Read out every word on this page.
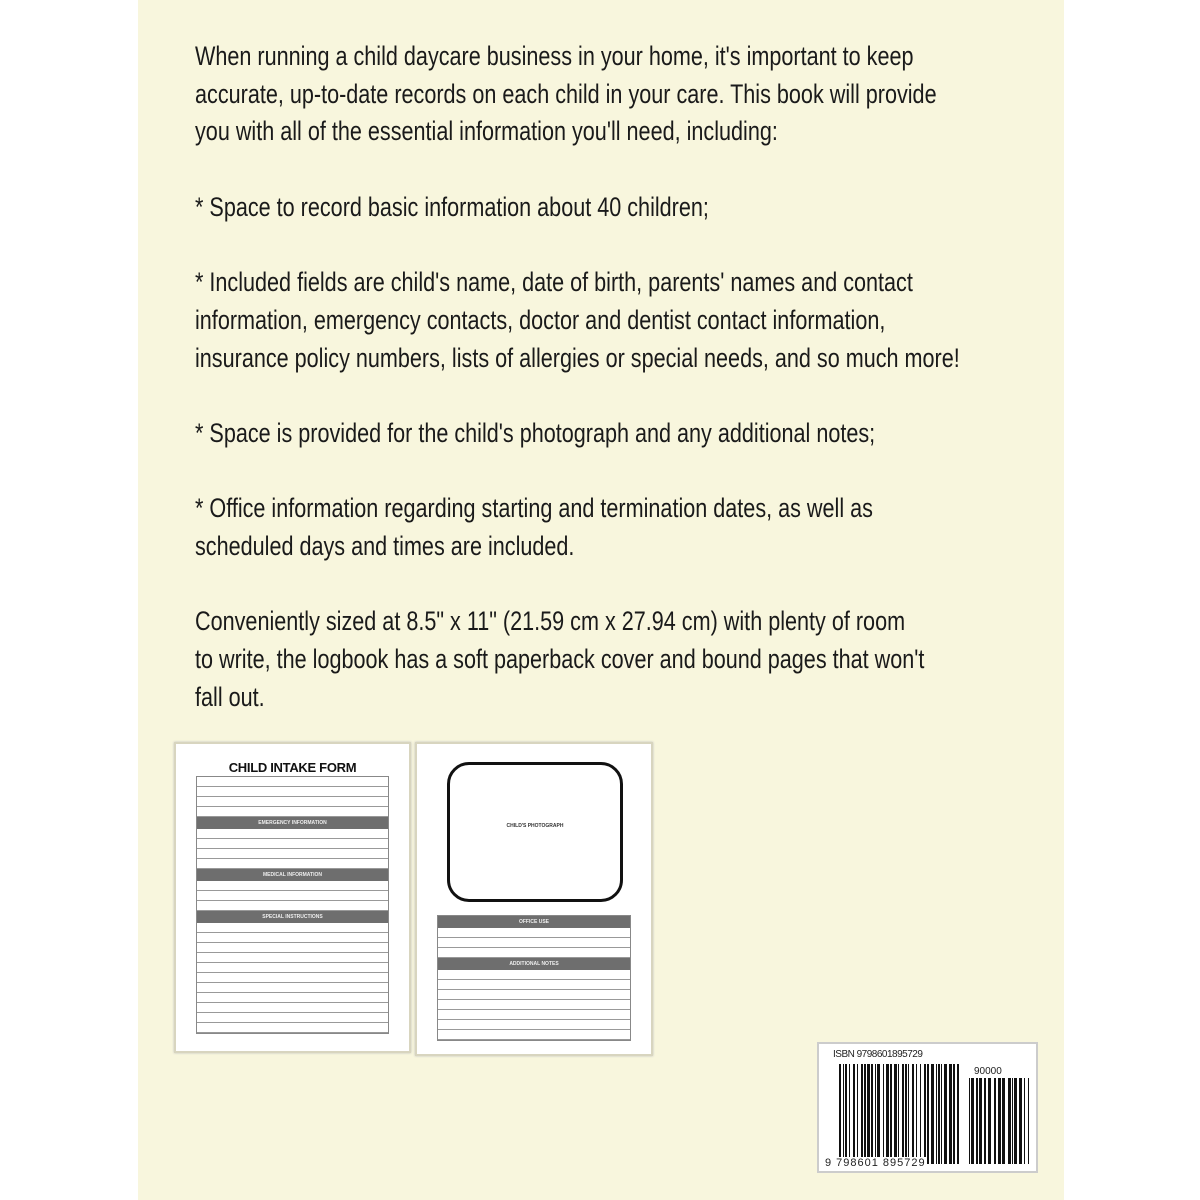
When running a child daycare business in your home, it's important to keep
accurate, up-to-date records on each child in your care. This book will provide
you with all of the essential information you'll need, including:
* Space to record basic information about 40 children;
* Included fields are child's name, date of birth, parents' names and contact
information, emergency contacts, doctor and dentist contact information,
insurance policy numbers, lists of allergies or special needs, and so much more!
* Space is provided for the child's photograph and any additional notes;
* Office information regarding starting and termination dates, as well as
scheduled days and times are included.
Conveniently sized at 8.5" x 11" (21.59 cm x 27.94 cm) with plenty of room
to write, the logbook has a soft paperback cover and bound pages that won't
fall out.
CHILD INTAKE FORM
EMERGENCY INFORMATION
MEDICAL INFORMATION
SPECIAL INSTRUCTIONS
CHILD'S PHOTOGRAPH
OFFICE USE
ADDITIONAL NOTES
ISBN 9798601895729
90000
9 798601 895729
